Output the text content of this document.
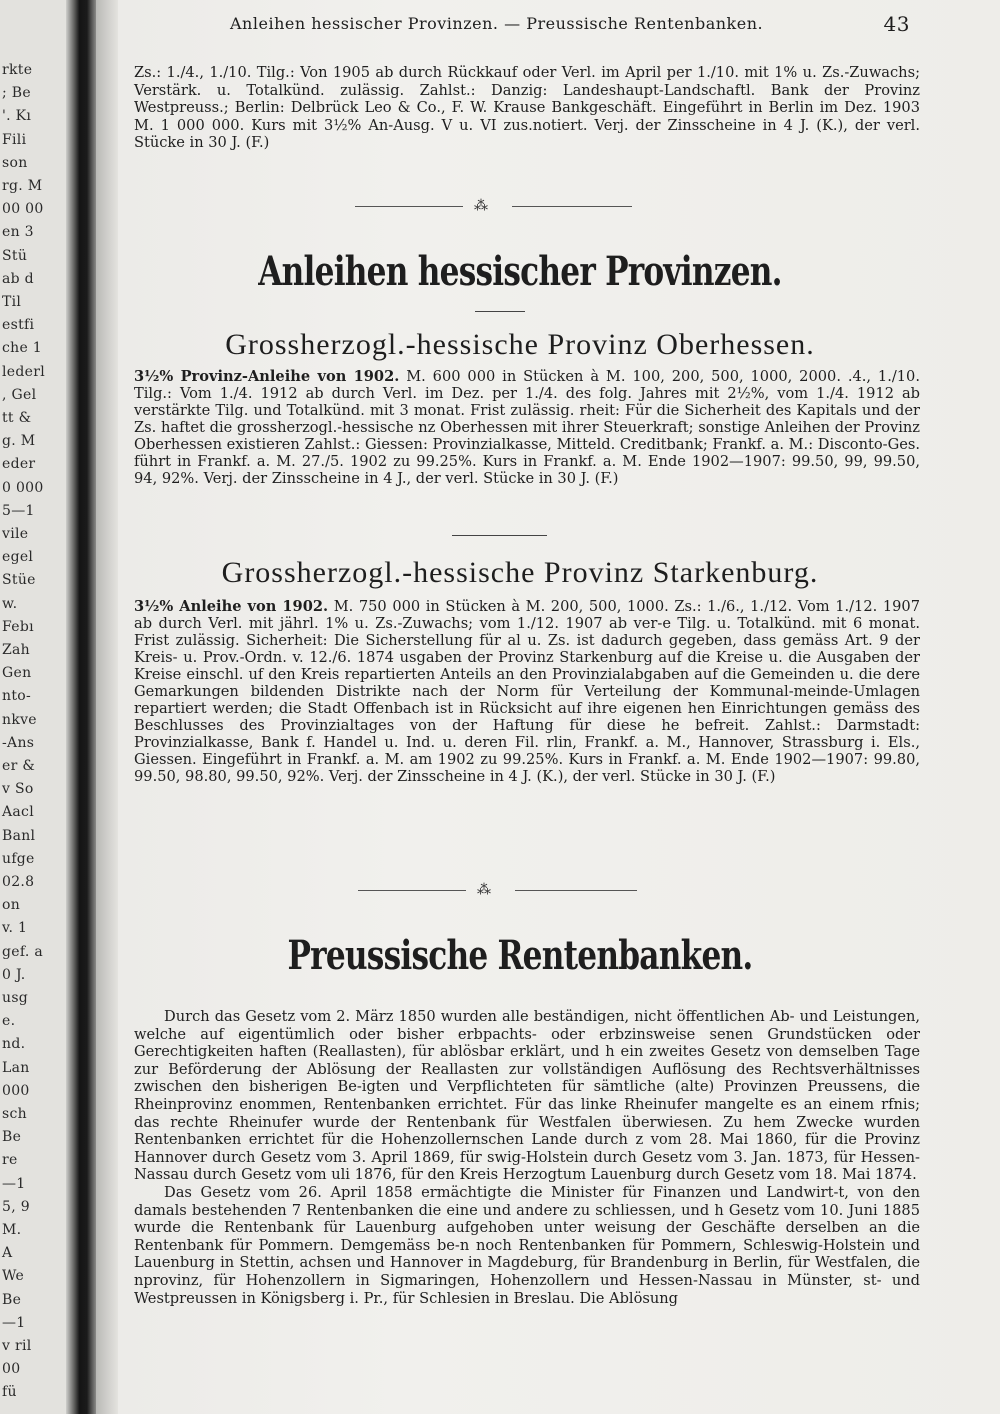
rkte
; Be
'. Kı
Fili
son
rg. M
00 00
en 3
Stü
ab d
Til
estfi
che 1
lederl
, Gel
tt &
g. M
eder
0 000
5—1
vile
egel
Stüe
w.
Febı
Zah
Gen
nto-
nkve
-Ans
er &
v So
Aacl
Banl
ufge
02.8
on
v. 1
gef. a
0 J.
usg
e.
nd.
Lan
000
sch
Be
re
—1
5, 9
M.
A
We
Be
—1
v ril
00
fü
Anleihen hessischer Provinzen. — Preussische Rentenbanken.	43

Zs.: 1./4., 1./10. Tilg.: Von 1905 ab durch Rückkauf oder Verl. im April per 1./10. mit 1% u. Zs.-Zuwachs; Verstärk. u. Totalkünd. zulässig. Zahlst.: Danzig: Landeshaupt-Landschaftl. Bank der Provinz Westpreuss.; Berlin: Delbrück Leo & Co., F. W. Krause Bankgeschäft. Eingeführt in Berlin im Dez. 1903 M. 1 000 000. Kurs mit 3½% An-Ausg. V u. VI zus.notiert. Verj. der Zinsscheine in 4 J. (K.), der verl. Stücke in 30 J. (F.)

⁂
Anleihen hessischer Provinzen.
Grossherzogl.-hessische Provinz Oberhessen.

3½% Provinz-Anleihe von 1902. M. 600 000 in Stücken à M. 100, 200, 500, 1000, 2000. .4., 1./10. Tilg.: Vom 1./4. 1912 ab durch Verl. im Dez. per 1./4. des folg. Jahres mit 2½%, vom 1./4. 1912 ab verstärkte Tilg. und Totalkünd. mit 3 monat. Frist zulässig. rheit: Für die Sicherheit des Kapitals und der Zs. haftet die grossherzogl.-hessische nz Oberhessen mit ihrer Steuerkraft; sonstige Anleihen der Provinz Oberhessen existieren Zahlst.: Giessen: Provinzialkasse, Mitteld. Creditbank; Frankf. a. M.: Disconto-Ges. führt in Frankf. a. M. 27./5. 1902 zu 99.25%. Kurs in Frankf. a. M. Ende 1902—1907: 99.50, 99, 99.50, 94, 92%. Verj. der Zinsscheine in 4 J., der verl. Stücke in 30 J. (F.)

Grossherzogl.-hessische Provinz Starkenburg.

3½% Anleihe von 1902. M. 750 000 in Stücken à M. 200, 500, 1000. Zs.: 1./6., 1./12. Vom 1./12. 1907 ab durch Verl. mit jährl. 1% u. Zs.-Zuwachs; vom 1./12. 1907 ab ver-e Tilg. u. Totalkünd. mit 6 monat. Frist zulässig. Sicherheit: Die Sicherstellung für al u. Zs. ist dadurch gegeben, dass gemäss Art. 9 der Kreis- u. Prov.-Ordn. v. 12./6. 1874 usgaben der Provinz Starkenburg auf die Kreise u. die Ausgaben der Kreise einschl. uf den Kreis repartierten Anteils an den Provinzialabgaben auf die Gemeinden u. die dere Gemarkungen bildenden Distrikte nach der Norm für Verteilung der Kommunal-meinde-Umlagen repartiert werden; die Stadt Offenbach ist in Rücksicht auf ihre eigenen hen Einrichtungen gemäss des Beschlusses des Provinzialtages von der Haftung für diese he befreit. Zahlst.: Darmstadt: Provinzialkasse, Bank f. Handel u. Ind. u. deren Fil. rlin, Frankf. a. M., Hannover, Strassburg i. Els., Giessen. Eingeführt in Frankf. a. M. am 1902 zu 99.25%. Kurs in Frankf. a. M. Ende 1902—1907: 99.80, 99.50, 98.80, 99.50, 92%. Verj. der Zinsscheine in 4 J. (K.), der verl. Stücke in 30 J. (F.)

⁂
Preussische Rentenbanken.

Durch das Gesetz vom 2. März 1850 wurden alle beständigen, nicht öffentlichen Ab- und Leistungen, welche auf eigentümlich oder bisher erbpachts- oder erbzinsweise senen Grundstücken oder Gerechtigkeiten haften (Reallasten), für ablösbar erklärt, und h ein zweites Gesetz von demselben Tage zur Beförderung der Ablösung der Reallasten zur vollständigen Auflösung des Rechtsverhältnisses zwischen den bisherigen Be-igten und Verpflichteten für sämtliche (alte) Provinzen Preussens, die Rheinprovinz enommen, Rentenbanken errichtet. Für das linke Rheinufer mangelte es an einem rfnis; das rechte Rheinufer wurde der Rentenbank für Westfalen überwiesen. Zu hem Zwecke wurden Rentenbanken errichtet für die Hohenzollernschen Lande durch z vom 28. Mai 1860, für die Provinz Hannover durch Gesetz vom 3. April 1869, für swig-Holstein durch Gesetz vom 3. Jan. 1873, für Hessen-Nassau durch Gesetz vom uli 1876, für den Kreis Herzogtum Lauenburg durch Gesetz vom 18. Mai 1874.

Das Gesetz vom 26. April 1858 ermächtigte die Minister für Finanzen und Landwirt-t, von den damals bestehenden 7 Rentenbanken die eine und andere zu schliessen, und h Gesetz vom 10. Juni 1885 wurde die Rentenbank für Lauenburg aufgehoben unter weisung der Geschäfte derselben an die Rentenbank für Pommern. Demgemäss be-n noch Rentenbanken für Pommern, Schleswig-Holstein und Lauenburg in Stettin, achsen und Hannover in Magdeburg, für Brandenburg in Berlin, für Westfalen, die nprovinz, für Hohenzollern in Sigmaringen, Hohenzollern und Hessen-Nassau in Münster, st- und Westpreussen in Königsberg i. Pr., für Schlesien in Breslau. Die Ablösung
